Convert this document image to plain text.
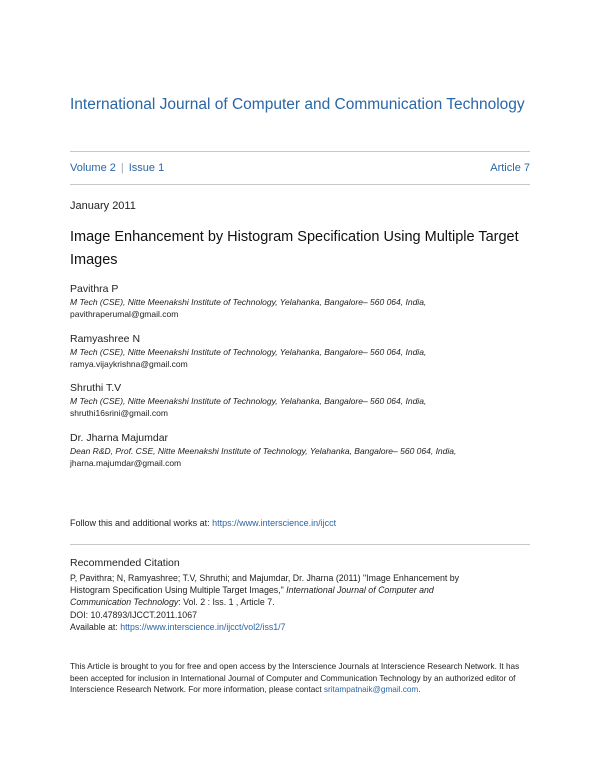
International Journal of Computer and Communication Technology
Volume 2 | Issue 1	Article 7
January 2011
Image Enhancement by Histogram Specification Using Multiple Target Images
Pavithra P
M Tech (CSE), Nitte Meenakshi Institute of Technology, Yelahanka, Bangalore– 560 064, India,
pavithraperumal@gmail.com
Ramyashree N
M Tech (CSE), Nitte Meenakshi Institute of Technology, Yelahanka, Bangalore– 560 064, India,
ramya.vijaykrishna@gmail.com
Shruthi T.V
M Tech (CSE), Nitte Meenakshi Institute of Technology, Yelahanka, Bangalore– 560 064, India,
shruthi16srini@gmail.com
Dr. Jharna Majumdar
Dean R&D, Prof. CSE, Nitte Meenakshi Institute of Technology, Yelahanka, Bangalore– 560 064, India,
jharna.majumdar@gmail.com
Follow this and additional works at: https://www.interscience.in/ijcct
Recommended Citation
P, Pavithra; N, Ramyashree; T.V, Shruthi; and Majumdar, Dr. Jharna (2011) "Image Enhancement by
Histogram Specification Using Multiple Target Images," International Journal of Computer and
Communication Technology: Vol. 2 : Iss. 1 , Article 7.
DOI: 10.47893/IJCCT.2011.1067
Available at: https://www.interscience.in/ijcct/vol2/iss1/7
This Article is brought to you for free and open access by the Interscience Journals at Interscience Research Network. It has been accepted for inclusion in International Journal of Computer and Communication Technology by an authorized editor of Interscience Research Network. For more information, please contact sritampatnaik@gmail.com.
